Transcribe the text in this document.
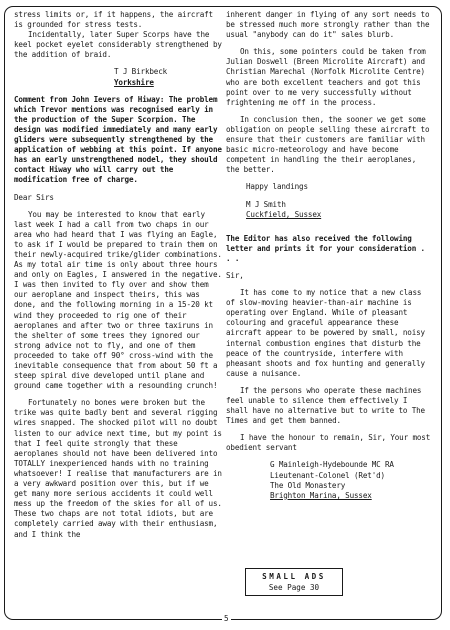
stress limits or, if it happens, the aircraft is grounded for stress tests.

Incidentally, later Super Scorps have the keel pocket eyelet considerably strengthened by the addition of braid.

T J Birkbeck

Yorkshire

Comment from John Ievers of Hiway: The problem which Trevor mentions was recognised early in the production of the Super Scorpion. The design was modified immediately and many early gliders were subsequently strengthened by the application of webbing at this point. If anyone has an early unstrengthened model, they should contact Hiway who will carry out the modification free of charge.

Dear Sirs

You may be interested to know that early last week I had a call from two chaps in our area who had heard that I was flying an Eagle, to ask if I would be prepared to train them on their newly-acquired trike/glider combinations. As my total air time is only about three hours and only on Eagles, I answered in the negative. I was then invited to fly over and show them our aeroplane and inspect theirs, this was done, and the following morning in a 15-20 kt wind they proceeded to rig one of their aeroplanes and after two or three taxiruns in the shelter of some trees they ignored our strong advice not to fly, and one of them proceeded to take off 90° cross-wind with the inevitable consequence that from about 50 ft a steep spiral dive developed until plane and ground came together with a resounding crunch!

Fortunately no bones were broken but the trike was quite badly bent and several rigging wires snapped. The shocked pilot will no doubt listen to our advice next time, but my point is that I feel quite strongly that these aeroplanes should not have been delivered into TOTALLY inexperienced hands with no training whatsoever! I realise that manufacturers are in a very awkward position over this, but if we get many more serious accidents it could well mess up the freedom of the skies for all of us. These two chaps are not total idiots, but are completely carried away with their enthusiasm, and I think the

inherent danger in flying of any sort needs to be stressed much more strongly rather than the usual "anybody can do it" sales blurb.

On this, some pointers could be taken from Julian Doswell (Breen Microlite Aircraft) and Christian Marechal (Norfolk Microlite Centre) who are both excellent teachers and got this point over to me very successfully without frightening me off in the process.

In conclusion then, the sooner we get some obligation on people selling these aircraft to ensure that their customers are familiar with basic micro-meteorology and have become competent in handling the their aeroplanes, the better.

Happy landings

M J Smith

Cuckfield, Sussex

The Editor has also received the following letter and prints it for your consideration . . .

Sir,

It has come to my notice that a new class of slow-moving heavier-than-air machine is operating over England. While of pleasant colouring and graceful appearance these aircraft appear to be powered by small, noisy internal combustion engines that disturb the peace of the countryside, interfere with pheasant shoots and fox hunting and generally cause a nuisance.

If the persons who operate these machines feel unable to silence them effectively I shall have no alternative but to write to The Times and get them banned.

I have the honour to remain, Sir, Your most obedient servant

G Mainleigh-Hydebounde MC RA

Lieutenant-Colonel (Ret'd)

The Old Monastery

Brighton Marina, Sussex

SMALL ADS
See Page 30
5
